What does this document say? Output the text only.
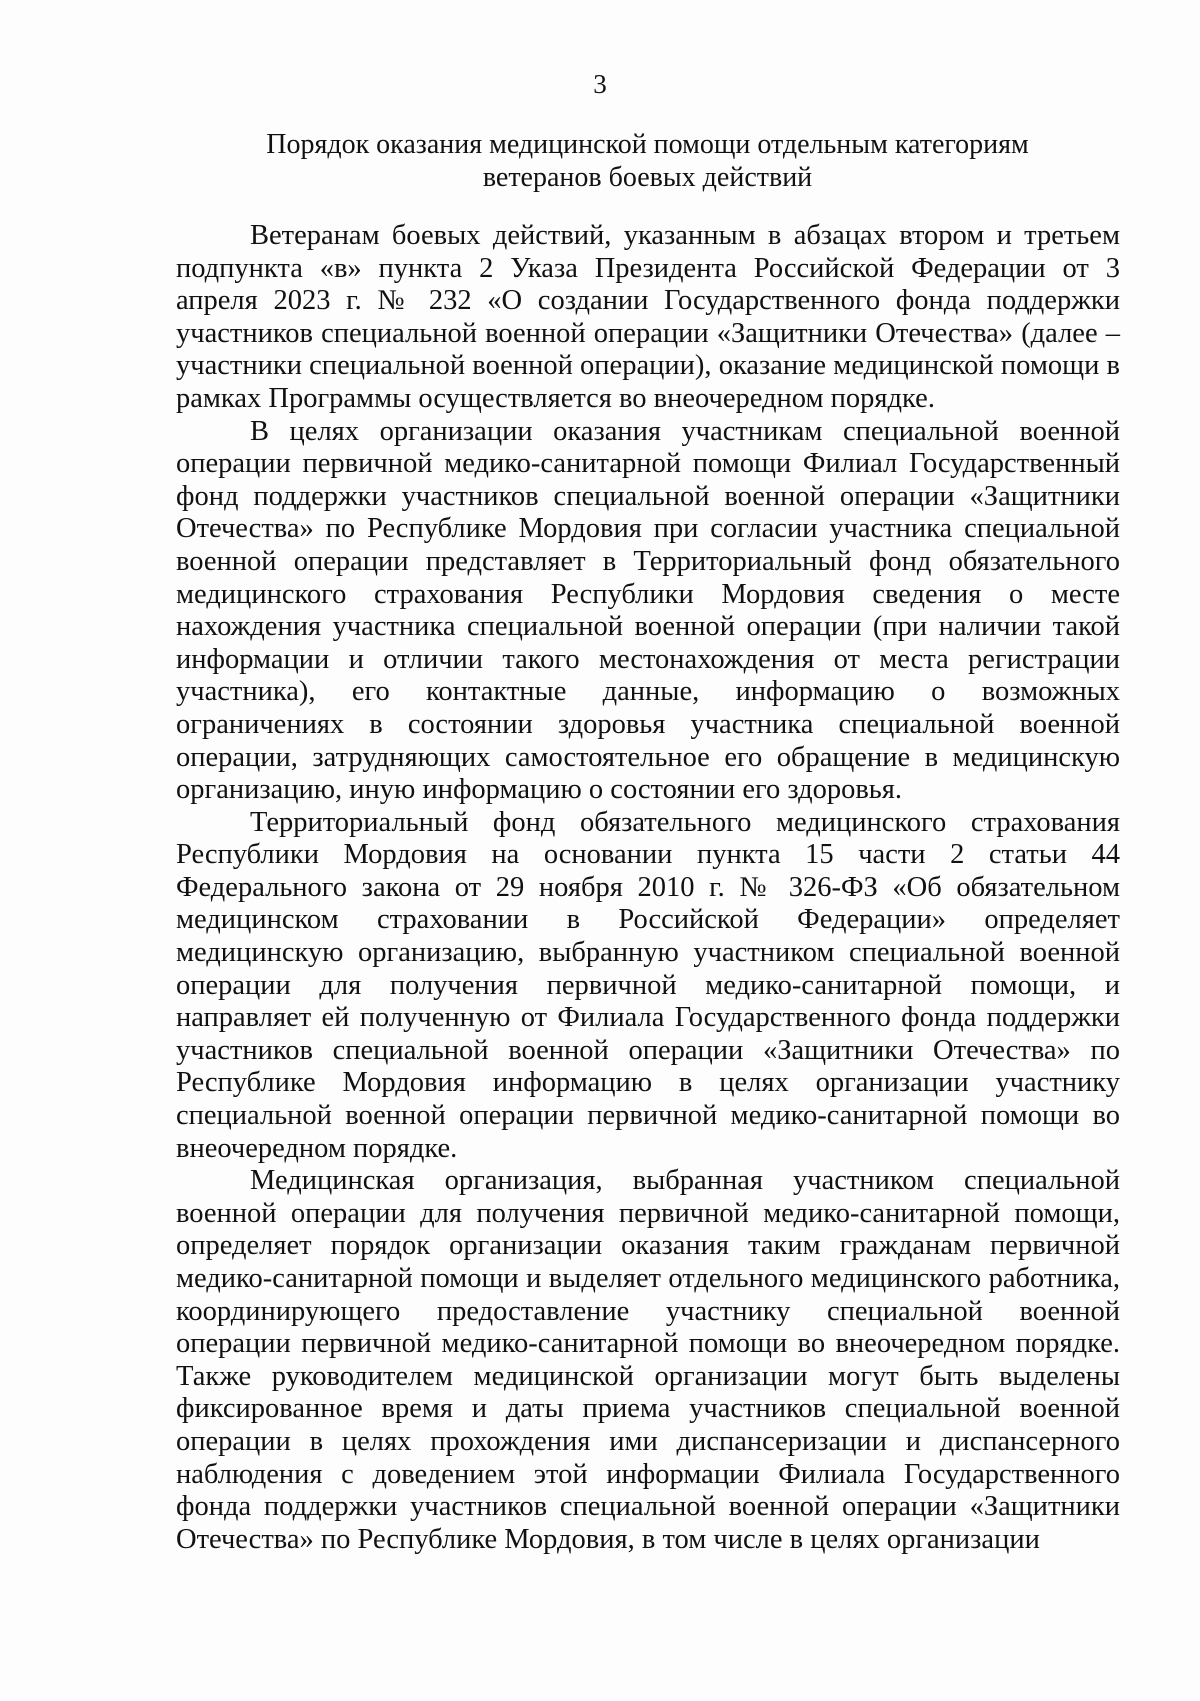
3
Порядок оказания медицинской помощи отдельным категориям
ветеранов боевых действий

Ветеранам боевых действий, указанным в абзацах втором и третьем подпункта «в» пункта 2 Указа Президента Российской Федерации от 3 апреля 2023 г. № 232 «О создании Государственного фонда поддержки участников специальной военной операции «Защитники Отечества» (далее – участники специальной военной операции), оказание медицинской помощи в рамках Программы осуществляется во внеочередном порядке.

В целях организации оказания участникам специальной военной операции первичной медико-санитарной помощи Филиал Государственный фонд поддержки участников специальной военной операции «Защитники Отечества» по Республике Мордовия при согласии участника специальной военной операции представляет в Территориальный фонд обязательного медицинского страхования Республики Мордовия сведения о месте нахождения участника специальной военной операции (при наличии такой информации и отличии такого местонахождения от места регистрации участника), его контактные данные, информацию о возможных ограничениях в состоянии здоровья участника специальной военной операции, затрудняющих самостоятельное его обращение в медицинскую организацию, иную информацию о состоянии его здоровья.

Территориальный фонд обязательного медицинского страхования Республики Мордовия на основании пункта 15 части 2 статьи 44 Федерального закона от 29 ноября 2010 г. № 326-ФЗ «Об обязательном медицинском страховании в Российской Федерации» определяет медицинскую организацию, выбранную участником специальной военной операции для получения первичной медико-санитарной помощи, и направляет ей полученную от Филиала Государственного фонда поддержки участников специальной военной операции «Защитники Отечества» по Республике Мордовия информацию в целях организации участнику специальной военной операции первичной медико-санитарной помощи во внеочередном порядке.

Медицинская организация, выбранная участником специальной военной операции для получения первичной медико-санитарной помощи, определяет порядок организации оказания таким гражданам первичной медико-санитарной помощи и выделяет отдельного медицинского работника, координирующего предоставление участнику специальной военной операции первичной медико-санитарной помощи во внеочередном порядке. Также руководителем медицинской организации могут быть выделены фиксированное время и даты приема участников специальной военной операции в целях прохождения ими диспансеризации и диспансерного наблюдения с доведением этой информации Филиала Государственного фонда поддержки участников специальной военной операции «Защитники Отечества» по Республике Мордовия, в том числе в целях организации
